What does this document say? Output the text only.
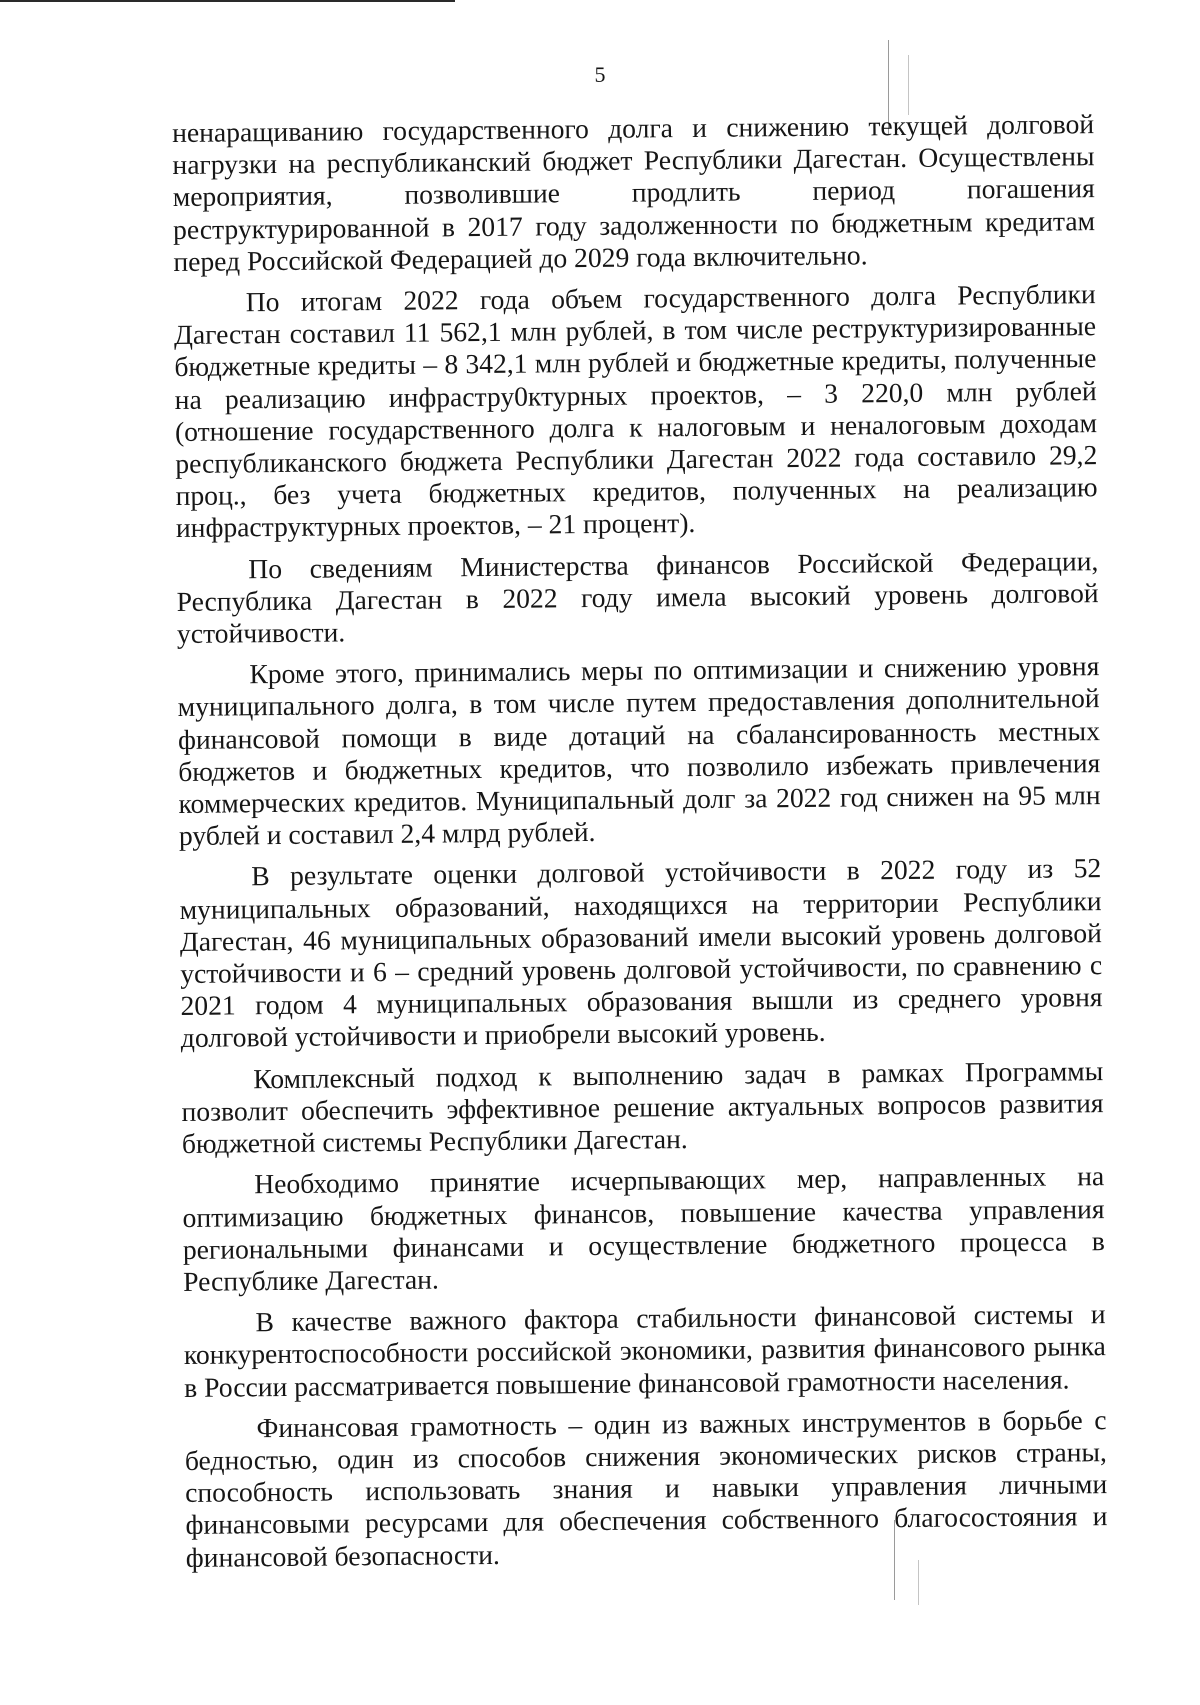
5

ненаращиванию государственного долга и снижению текущей долговой нагрузки на республиканский бюджет Республики Дагестан. Осуществлены мероприятия, позволившие продлить период погашения реструктурированной в 2017 году задолженности по бюджетным кредитам перед Российской Федерацией до 2029 года включительно.

По итогам 2022 года объем государственного долга Республики Дагестан составил 11 562,1 млн рублей, в том числе реструктуризированные бюджетные кредиты – 8 342,1 млн рублей и бюджетные кредиты, полученные на реализацию инфрастру0ктурных проектов, – 3 220,0 млн рублей (отношение государственного долга к налоговым и неналоговым доходам республиканского бюджета Республики Дагестан 2022 года составило 29,2 проц., без учета бюджетных кредитов, полученных на реализацию инфраструктурных проектов, – 21 процент).

По сведениям Министерства финансов Российской Федерации, Республика Дагестан в 2022 году имела высокий уровень долговой устойчивости.

Кроме этого, принимались меры по оптимизации и снижению уровня муниципального долга, в том числе путем предоставления дополнительной финансовой помощи в виде дотаций на сбалансированность местных бюджетов и бюджетных кредитов, что позволило избежать привлечения коммерческих кредитов. Муниципальный долг за 2022 год снижен на 95 млн рублей и составил 2,4 млрд рублей.

В результате оценки долговой устойчивости в 2022 году из 52 муниципальных образований, находящихся на территории Республики Дагестан, 46 муниципальных образований имели высокий уровень долговой устойчивости и 6 – средний уровень долговой устойчивости, по сравнению с 2021 годом 4 муниципальных образования вышли из среднего уровня долговой устойчивости и приобрели высокий уровень.

Комплексный подход к выполнению задач в рамках Программы позволит обеспечить эффективное решение актуальных вопросов развития бюджетной системы Республики Дагестан.

Необходимо принятие исчерпывающих мер, направленных на оптимизацию бюджетных финансов, повышение качества управления региональными финансами и осуществление бюджетного процесса в Республике Дагестан.

В качестве важного фактора стабильности финансовой системы и конкурентоспособности российской экономики, развития финансового рынка в России рассматривается повышение финансовой грамотности населения.

Финансовая грамотность – один из важных инструментов в борьбе с бедностью, один из способов снижения экономических рисков страны, способность использовать знания и навыки управления личными финансовыми ресурсами для обеспечения собственного благосостояния и финансовой безопасности.
